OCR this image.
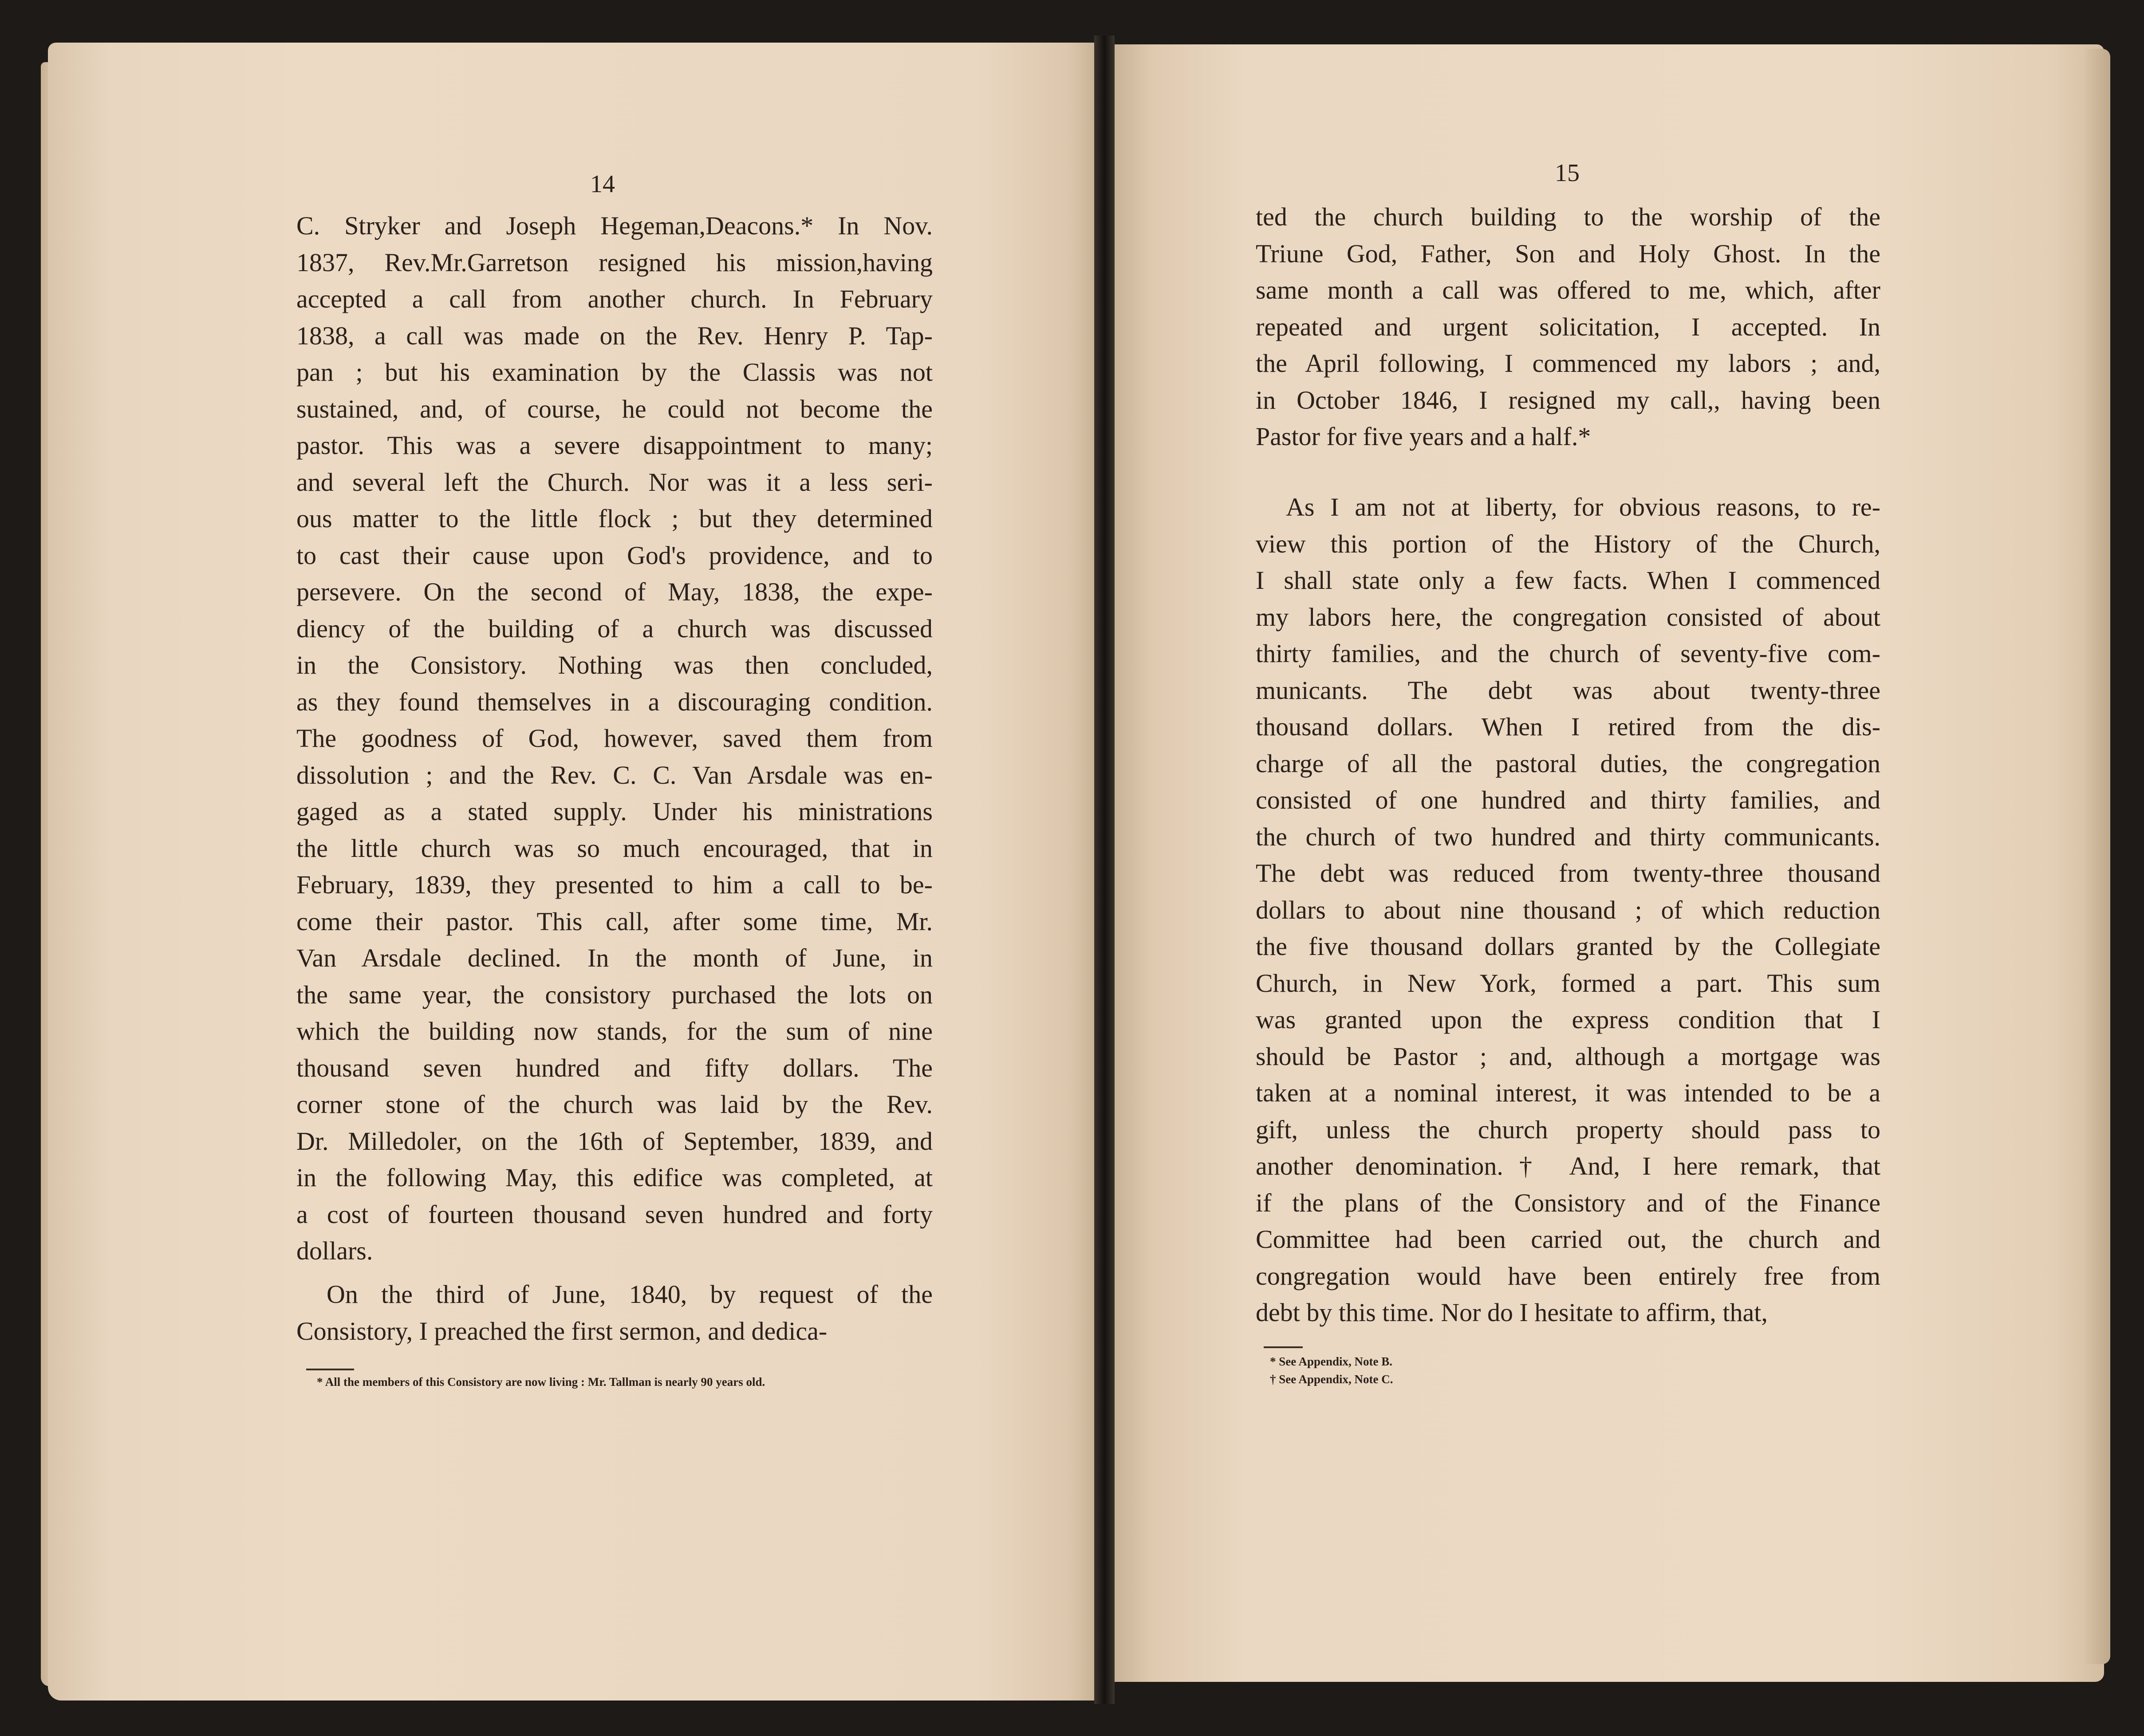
14
C. Stryker and Joseph Hegeman,Deacons.* In Nov.
1837, Rev.Mr.Garretson resigned his mission,having
accepted a call from another church. In February
1838, a call was made on the Rev. Henry P. Tap-
pan ; but his examination by the Classis was not
sustained, and, of course, he could not become the
pastor. This was a severe disappointment to many;
and several left the Church. Nor was it a less seri-
ous matter to the little flock ; but they determined
to cast their cause upon God's providence, and to
persevere. On the second of May, 1838, the expe-
diency of the building of a church was discussed
in the Consistory. Nothing was then concluded,
as they found themselves in a discouraging condition.
The goodness of God, however, saved them from
dissolution ; and the Rev. C. C. Van Arsdale was en-
gaged as a stated supply. Under his ministrations
the little church was so much encouraged, that in
February, 1839, they presented to him a call to be-
come their pastor. This call, after some time, Mr.
Van Arsdale declined. In the month of June, in
the same year, the consistory purchased the lots on
which the building now stands, for the sum of nine
thousand seven hundred and fifty dollars. The
corner stone of the church was laid by the Rev.
Dr. Milledoler, on the 16th of September, 1839, and
in the following May, this edifice was completed, at
a cost of fourteen thousand seven hundred and forty
dollars.
On the third of June, 1840, by request of the
Consistory, I preached the first sermon, and dedica-
* All the members of this Consistory are now living : Mr. Tallman is nearly 90 years old.
15
ted the church building to the worship of the
Triune God, Father, Son and Holy Ghost. In the
same month a call was offered to me, which, after
repeated and urgent solicitation, I accepted. In
the April following, I commenced my labors ; and,
in October 1846, I resigned my call,, having been
Pastor for five years and a half.*
As I am not at liberty, for obvious reasons, to re-
view this portion of the History of the Church,
I shall state only a few facts. When I commenced
my labors here, the congregation consisted of about
thirty families, and the church of seventy-five com-
municants. The debt was about twenty-three
thousand dollars. When I retired from the dis-
charge of all the pastoral duties, the congregation
consisted of one hundred and thirty families, and
the church of two hundred and thirty communicants.
The debt was reduced from twenty-three thousand
dollars to about nine thousand ; of which reduction
the five thousand dollars granted by the Collegiate
Church, in New York, formed a part. This sum
was granted upon the express condition that I
should be Pastor ; and, although a mortgage was
taken at a nominal interest, it was intended to be a
gift, unless the church property should pass to
another denomination.† And, I here remark, that
if the plans of the Consistory and of the Finance
Committee had been carried out, the church and
congregation would have been entirely free from
debt by this time. Nor do I hesitate to affirm, that,
* See Appendix, Note B.
† See Appendix, Note C.
